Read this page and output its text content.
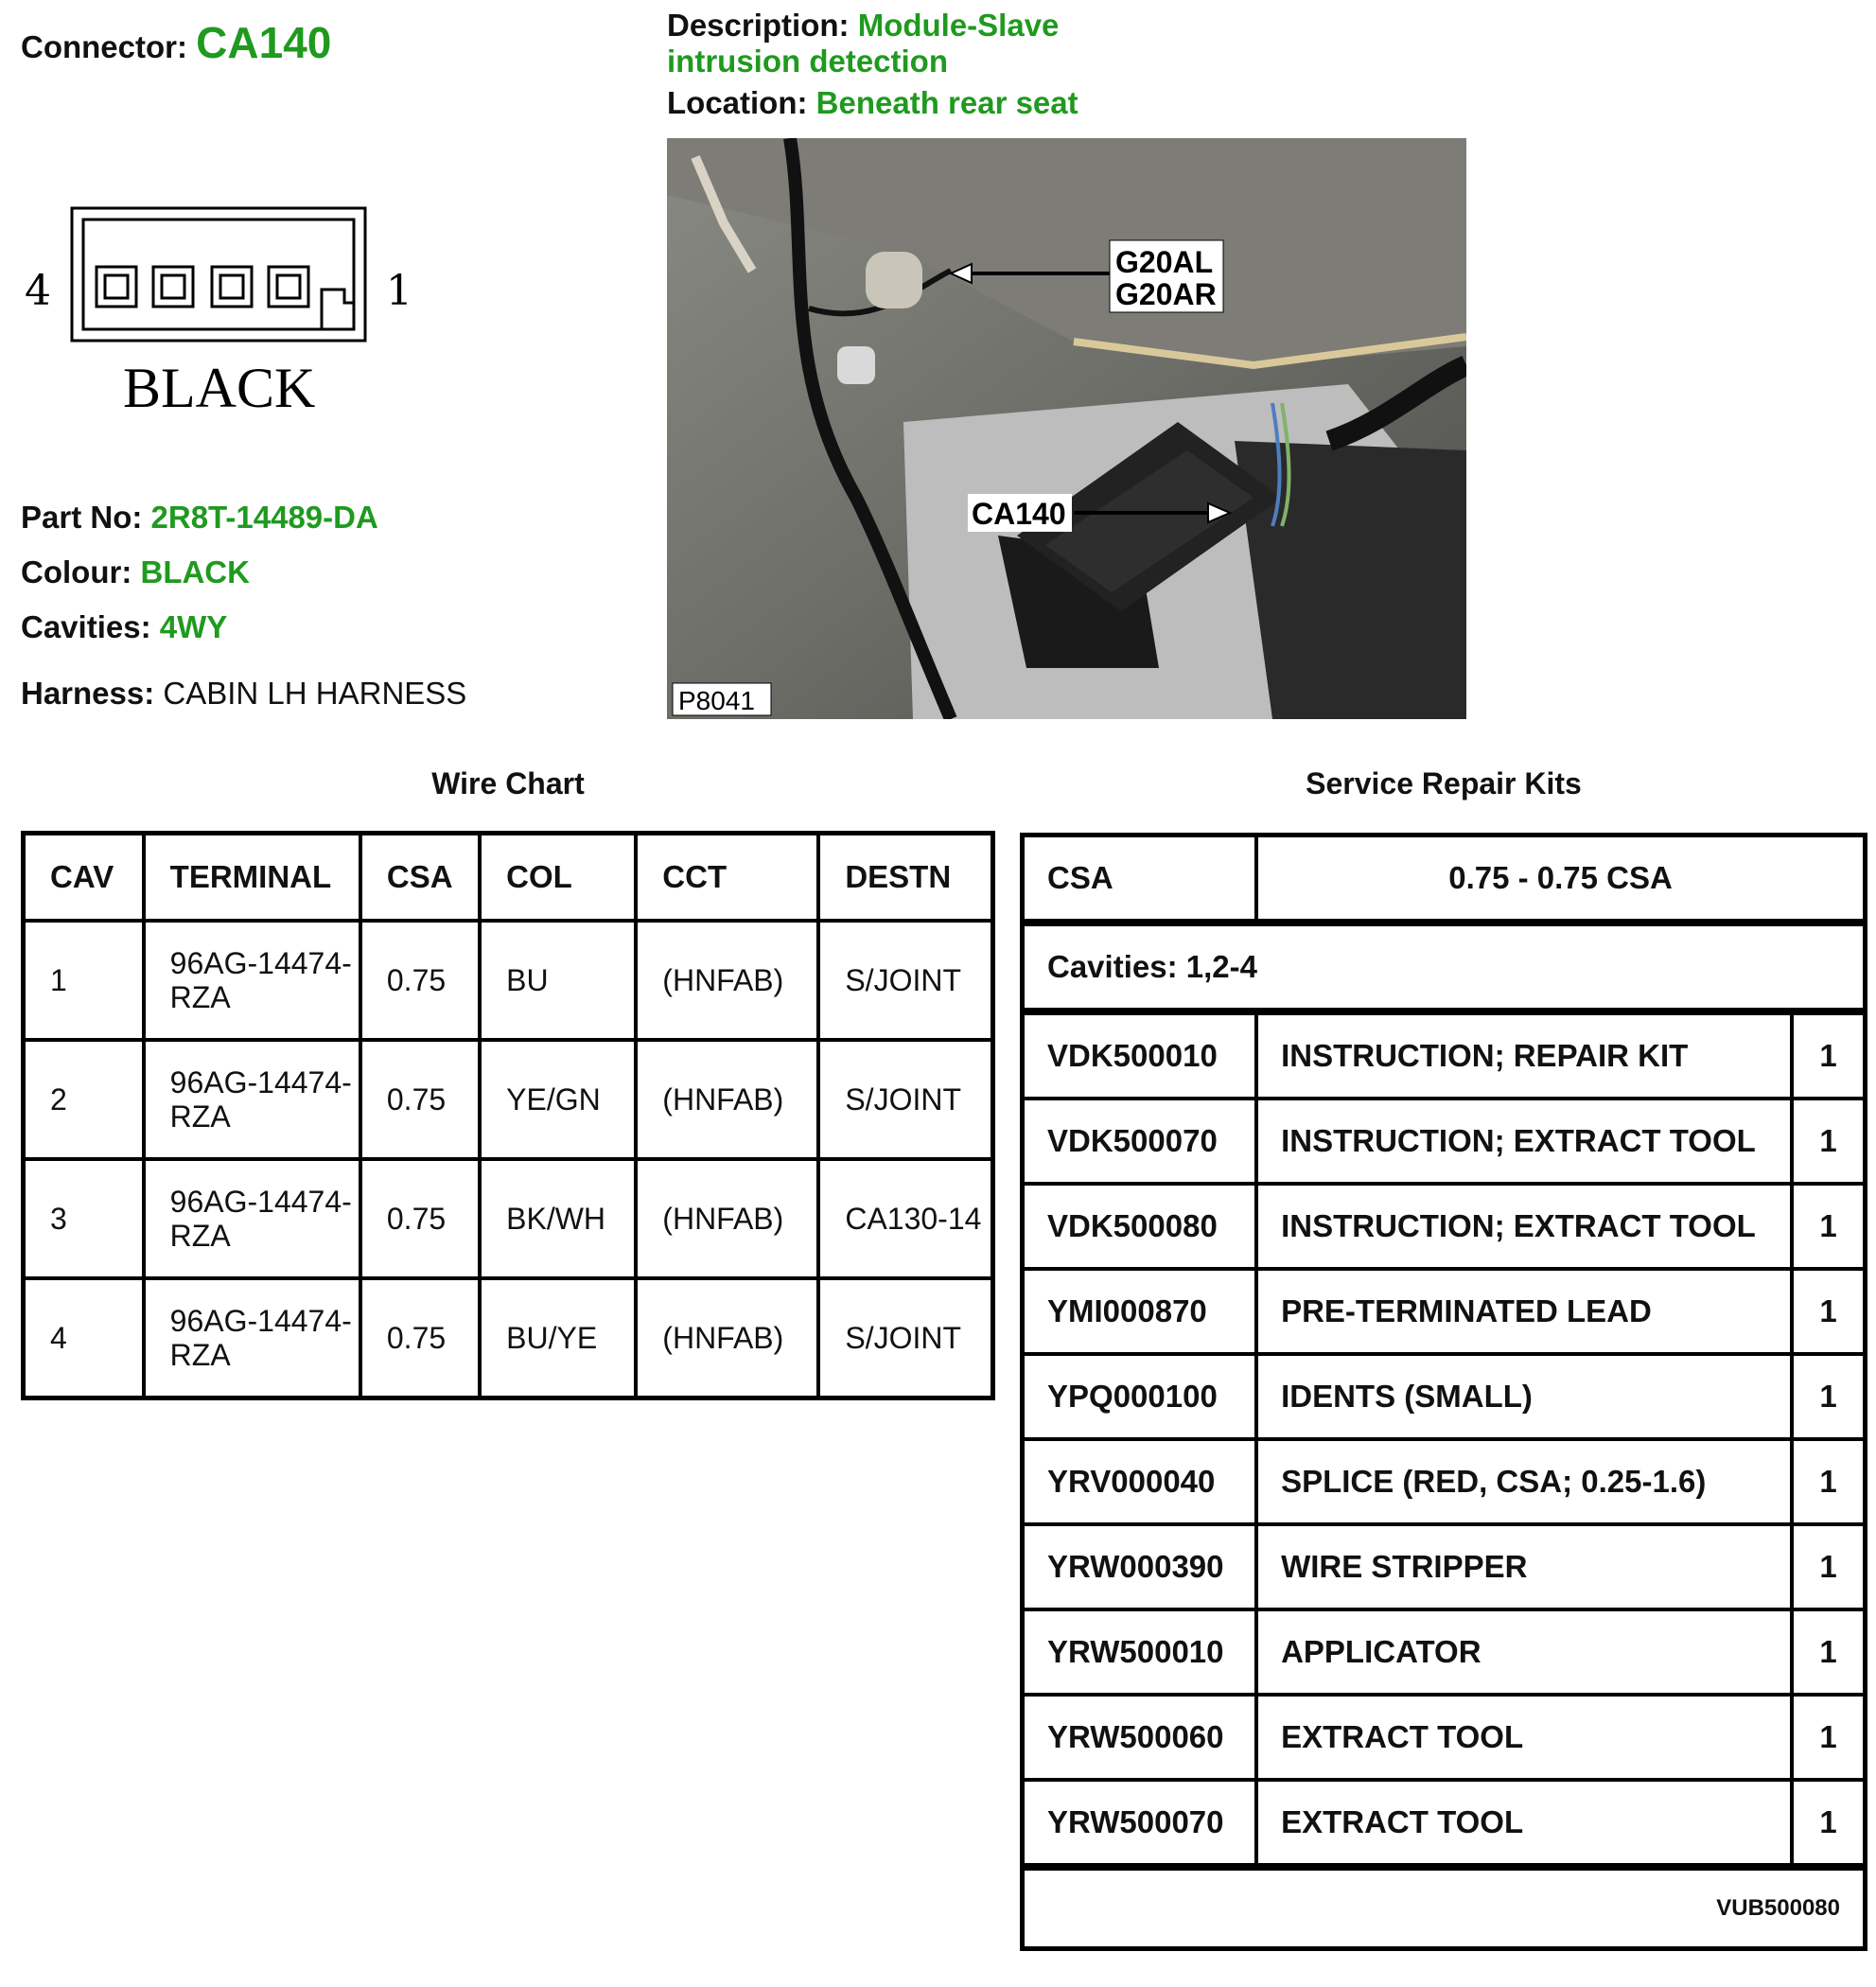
Connector: CA140	Description: Module-Slave intrusion detection
Location: Beneath rear seat
4	1
BLACK
G20AL
G20AR
CA140
P8041
Part No: 2R8T-14489-DA
Colour: BLACK
Cavities: 4WY
Harness: CABIN LH HARNESS
Wire Chart	Service Repair Kits
CAV	TERMINAL	CSA	COL	CCT	DESTN
1	96AG-14474-RZA	0.75	BU	(HNFAB)	S/JOINT
2	96AG-14474-RZA	0.75	YE/GN	(HNFAB)	S/JOINT
3	96AG-14474-RZA	0.75	BK/WH	(HNFAB)	CA130-14
4	96AG-14474-RZA	0.75	BU/YE	(HNFAB)	S/JOINT
CSA	0.75 - 0.75 CSA	
Cavities: 1,2-4		
VDK500010	INSTRUCTION; REPAIR KIT	1
VDK500070	INSTRUCTION; EXTRACT TOOL	1
VDK500080	INSTRUCTION; EXTRACT TOOL	1
YMI000870	PRE-TERMINATED LEAD	1
YPQ000100	IDENTS (SMALL)	1
YRV000040	SPLICE (RED, CSA; 0.25-1.6)	1
YRW000390	WIRE STRIPPER	1
YRW500010	APPLICATOR	1
YRW500060	EXTRACT TOOL	1
YRW500070	EXTRACT TOOL	1
VUB500080		
